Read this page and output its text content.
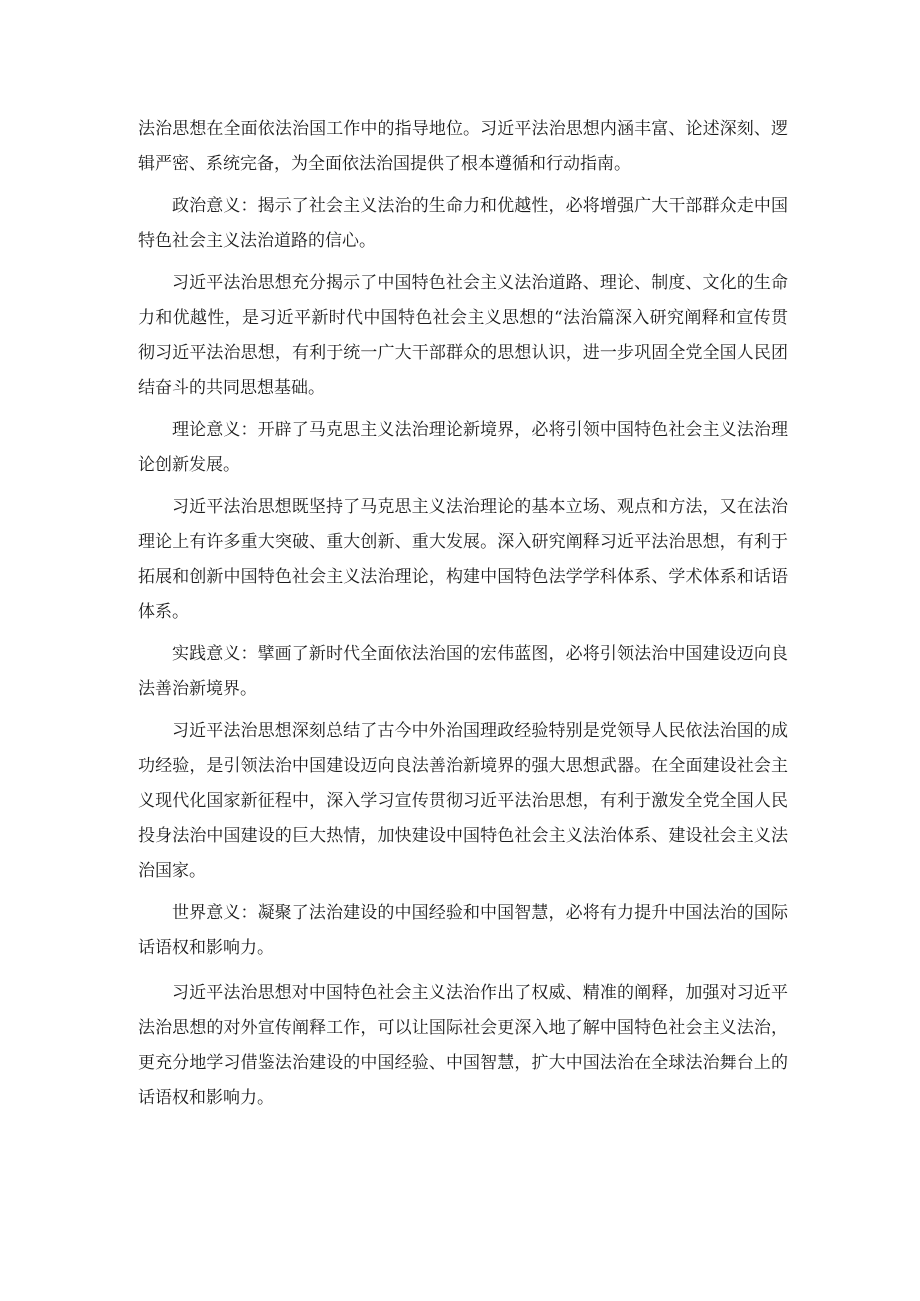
法治思想在全面依法治国工作中的指导地位。习近平法治思想内涵丰富、论述深刻、逻辑严密、系统完备，为全面依法治国提供了根本遵循和行动指南。

政治意义：揭示了社会主义法治的生命力和优越性，必将增强广大干部群众走中国特色社会主义法治道路的信心。

习近平法治思想充分揭示了中国特色社会主义法治道路、理论、制度、文化的生命力和优越性，是习近平新时代中国特色社会主义思想的“法治篇深入研究阐释和宣传贯彻习近平法治思想，有利于统一广大干部群众的思想认识，进一步巩固全党全国人民团结奋斗的共同思想基础。

理论意义：开辟了马克思主义法治理论新境界，必将引领中国特色社会主义法治理论创新发展。

习近平法治思想既坚持了马克思主义法治理论的基本立场、观点和方法，又在法治理论上有许多重大突破、重大创新、重大发展。深入研究阐释习近平法治思想，有利于拓展和创新中国特色社会主义法治理论，构建中国特色法学学科体系、学术体系和话语体系。

实践意义：擘画了新时代全面依法治国的宏伟蓝图，必将引领法治中国建设迈向良法善治新境界。

习近平法治思想深刻总结了古今中外治国理政经验特别是党领导人民依法治国的成功经验，是引领法治中国建设迈向良法善治新境界的强大思想武器。在全面建设社会主义现代化国家新征程中，深入学习宣传贯彻习近平法治思想，有利于激发全党全国人民投身法治中国建设的巨大热情，加快建设中国特色社会主义法治体系、建设社会主义法治国家。

世界意义：凝聚了法治建设的中国经验和中国智慧，必将有力提升中国法治的国际话语权和影响力。

习近平法治思想对中国特色社会主义法治作出了权威、精准的阐释，加强对习近平法治思想的对外宣传阐释工作，可以让国际社会更深入地了解中国特色社会主义法治，更充分地学习借鉴法治建设的中国经验、中国智慧，扩大中国法治在全球法治舞台上的话语权和影响力。
